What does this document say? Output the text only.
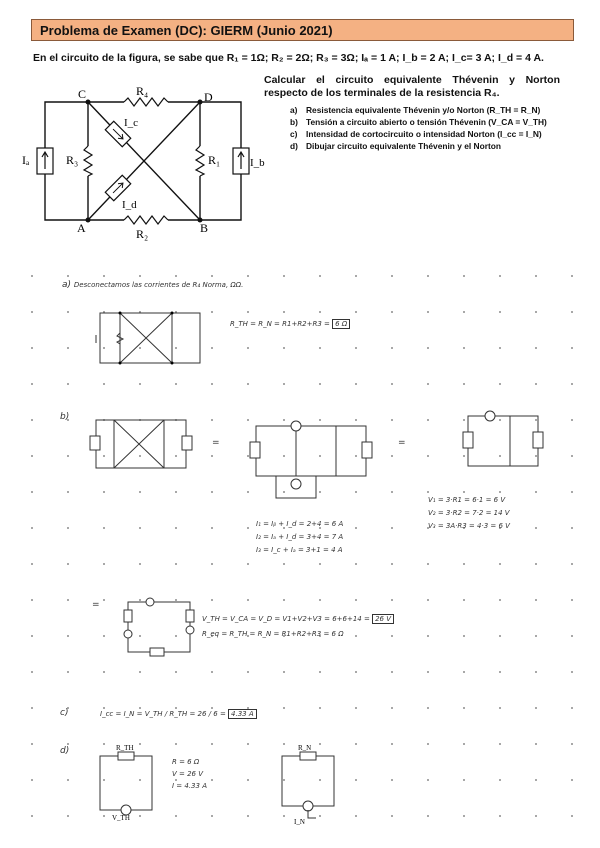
Problema de Examen (DC): GIERM (Junio 2021)
En el circuito de la figura, se sabe que R₁ = 1Ω; R₂ = 2Ω; R₃ = 3Ω; Iₐ = 1 A; I_b = 2 A; I_c= 3 A; I_d = 4 A.
Calcular el circuito equivalente Thévenin y Norton respecto de los terminales de la resistencia R₄.
a) Resistencia equivalente Thévenin y/o Norton (R_TH = R_N)
b) Tensión a circuito abierto o tensión Thévenin (V_CA = V_TH)
c) Intensidad de cortocircuito o intensidad Norton (I_cc = I_N)
d) Dibujar circuito equivalente Thévenin y el Norton
C	D
A	B
R₄
R₂
R₃	R₁
Iₐ	I_b
I_c
I_d
a) Desconectamos las corrientes de R₄ Norma, ΩΩ.
R_TH = R_N = R1+R2+R3 = 6 Ω
b)
=	=
V₁ = 3·R1 = 6·1 = 6 V
V₂ = 3·R2 = 7·2 = 14 V
V₃ = 3A·R3 = 4·3 = 6 V
I₁ = Iᵦ + I_d = 2+4 = 6 A
I₂ = Iₐ + I_d = 3+4 = 7 A
I₃ = I_c + Iₐ = 3+1 = 4 A
=
V_TH = V_CA = V_D = V1+V2+V3 = 6+6+14 = 26 V
R_eq = R_TH = R_N = R1+R2+R3 = 6 Ω
c)	I_cc = I_N = V_TH / R_TH = 26 / 6 = 4.33 A
d)	R_TH
V_TH
R = 6 Ω
V = 26 V
I = 4.33 A
R_N
I_N
